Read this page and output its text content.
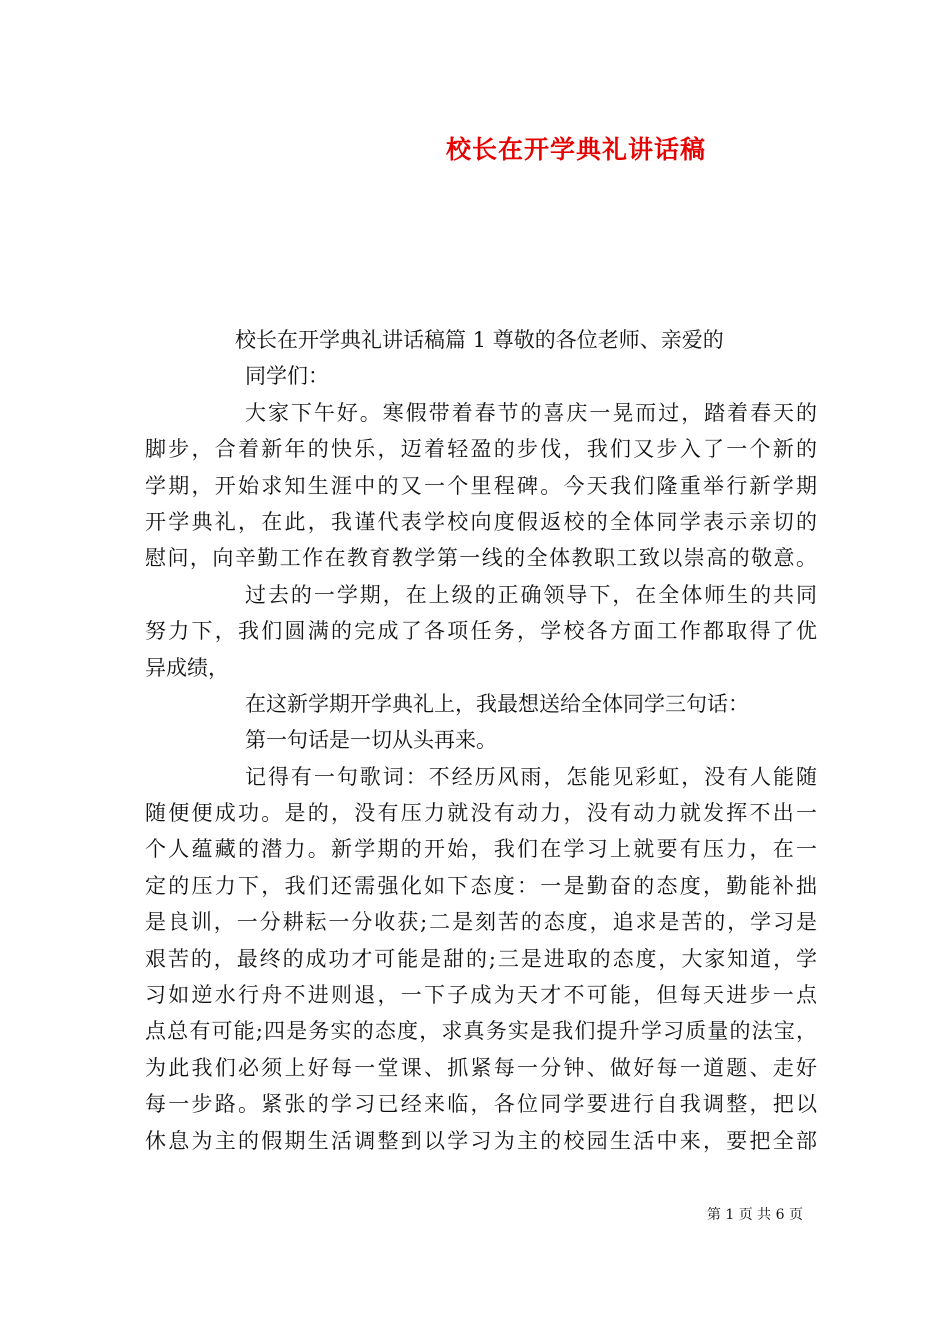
校长在开学典礼讲话稿
校长在开学典礼讲话稿篇 1 尊敬的各位老师、亲爱的
同学们：
大家下午好。寒假带着春节的喜庆一晃而过，踏着春天的
脚步，合着新年的快乐，迈着轻盈的步伐，我们又步入了一个新的
学期，开始求知生涯中的又一个里程碑。今天我们隆重举行新学期
开学典礼，在此，我谨代表学校向度假返校的全体同学表示亲切的
慰问，向辛勤工作在教育教学第一线的全体教职工致以崇高的敬意。
过去的一学期，在上级的正确领导下，在全体师生的共同
努力下，我们圆满的完成了各项任务，学校各方面工作都取得了优
异成绩，
在这新学期开学典礼上，我最想送给全体同学三句话：
第一句话是一切从头再来。
记得有一句歌词：不经历风雨，怎能见彩虹，没有人能随
随便便成功。是的，没有压力就没有动力，没有动力就发挥不出一
个人蕴藏的潜力。新学期的开始，我们在学习上就要有压力，在一
定的压力下，我们还需强化如下态度：一是勤奋的态度，勤能补拙
是良训，一分耕耘一分收获;二是刻苦的态度，追求是苦的，学习是
艰苦的，最终的成功才可能是甜的;三是进取的态度，大家知道，学
习如逆水行舟不进则退，一下子成为天才不可能，但每天进步一点
点总有可能;四是务实的态度，求真务实是我们提升学习质量的法宝，
为此我们必须上好每一堂课、抓紧每一分钟、做好每一道题、走好
每一步路。紧张的学习已经来临，各位同学要进行自我调整，把以
休息为主的假期生活调整到以学习为主的校园生活中来，要把全部
第 1 页 共 6 页
